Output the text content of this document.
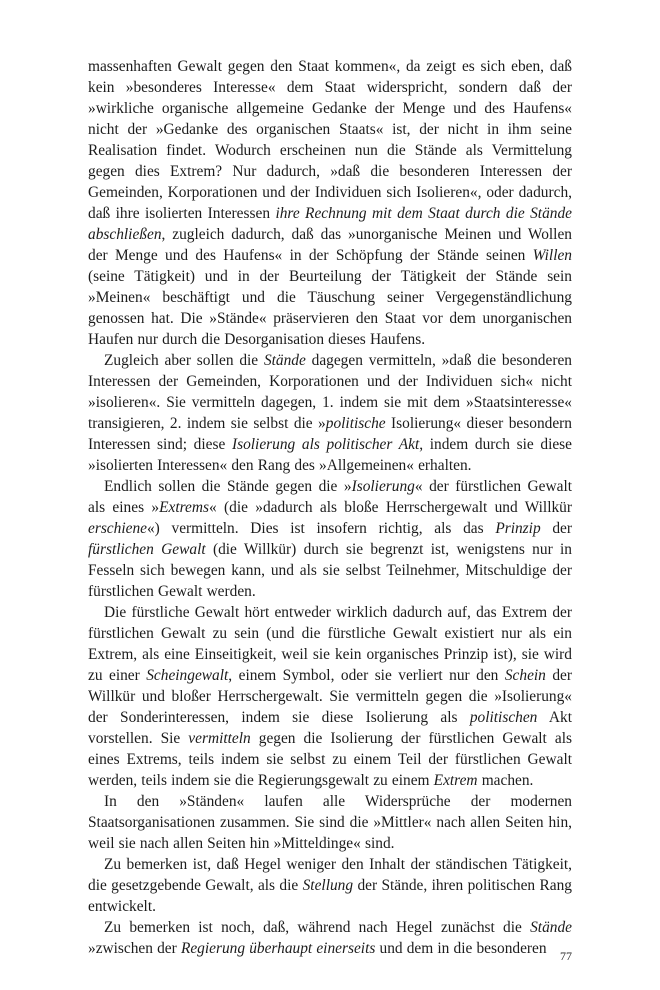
massenhaften Gewalt gegen den Staat kommen«, da zeigt es sich eben, daß kein »besonderes Interesse« dem Staat widerspricht, sondern daß der »wirkliche organische allgemeine Gedanke der Menge und des Haufens« nicht der »Gedanke des organischen Staats« ist, der nicht in ihm seine Realisation findet. Wodurch erscheinen nun die Stände als Vermittelung gegen dies Extrem? Nur dadurch, »daß die besonderen Interessen der Gemeinden, Korporationen und der Individuen sich Isolieren«, oder dadurch, daß ihre isolierten Interessen ihre Rechnung mit dem Staat durch die Stände abschließen, zugleich dadurch, daß das »unorganische Meinen und Wollen der Menge und des Haufens« in der Schöpfung der Stände seinen Willen (seine Tätigkeit) und in der Beurteilung der Tätigkeit der Stände sein »Meinen« beschäftigt und die Täuschung seiner Vergegenständlichung genossen hat. Die »Stände« präservieren den Staat vor dem unorganischen Haufen nur durch die Desorganisation dieses Haufens.

Zugleich aber sollen die Stände dagegen vermitteln, »daß die besonderen Interessen der Gemeinden, Korporationen und der Individuen sich« nicht »isolieren«. Sie vermitteln dagegen, 1. indem sie mit dem »Staatsinteresse« transigieren, 2. indem sie selbst die »politische Isolierung« dieser besondern Interessen sind; diese Isolierung als politischer Akt, indem durch sie diese »isolierten Interessen« den Rang des »Allgemeinen« erhalten.

Endlich sollen die Stände gegen die »Isolierung« der fürstlichen Gewalt als eines »Extrems« (die »dadurch als bloße Herrschergewalt und Willkür erschiene«) vermitteln. Dies ist insofern richtig, als das Prinzip der fürstlichen Gewalt (die Willkür) durch sie begrenzt ist, wenigstens nur in Fesseln sich bewegen kann, und als sie selbst Teilnehmer, Mitschuldige der fürstlichen Gewalt werden.

Die fürstliche Gewalt hört entweder wirklich dadurch auf, das Extrem der fürstlichen Gewalt zu sein (und die fürstliche Gewalt existiert nur als ein Extrem, als eine Einseitigkeit, weil sie kein organisches Prinzip ist), sie wird zu einer Scheingewalt, einem Symbol, oder sie verliert nur den Schein der Willkür und bloßer Herrschergewalt. Sie vermitteln gegen die »Isolierung« der Sonderinteressen, indem sie diese Isolierung als politischen Akt vorstellen. Sie vermitteln gegen die Isolierung der fürstlichen Gewalt als eines Extrems, teils indem sie selbst zu einem Teil der fürstlichen Gewalt werden, teils indem sie die Regierungsgewalt zu einem Extrem machen.

In den »Ständen« laufen alle Widersprüche der modernen Staatsorganisationen zusammen. Sie sind die »Mittler« nach allen Seiten hin, weil sie nach allen Seiten hin »Mitteldinge« sind.

Zu bemerken ist, daß Hegel weniger den Inhalt der ständischen Tätigkeit, die gesetzgebende Gewalt, als die Stellung der Stände, ihren politischen Rang entwickelt.

Zu bemerken ist noch, daß, während nach Hegel zunächst die Stände »zwischen der Regierung überhaupt einerseits und dem in die besonderen	77
